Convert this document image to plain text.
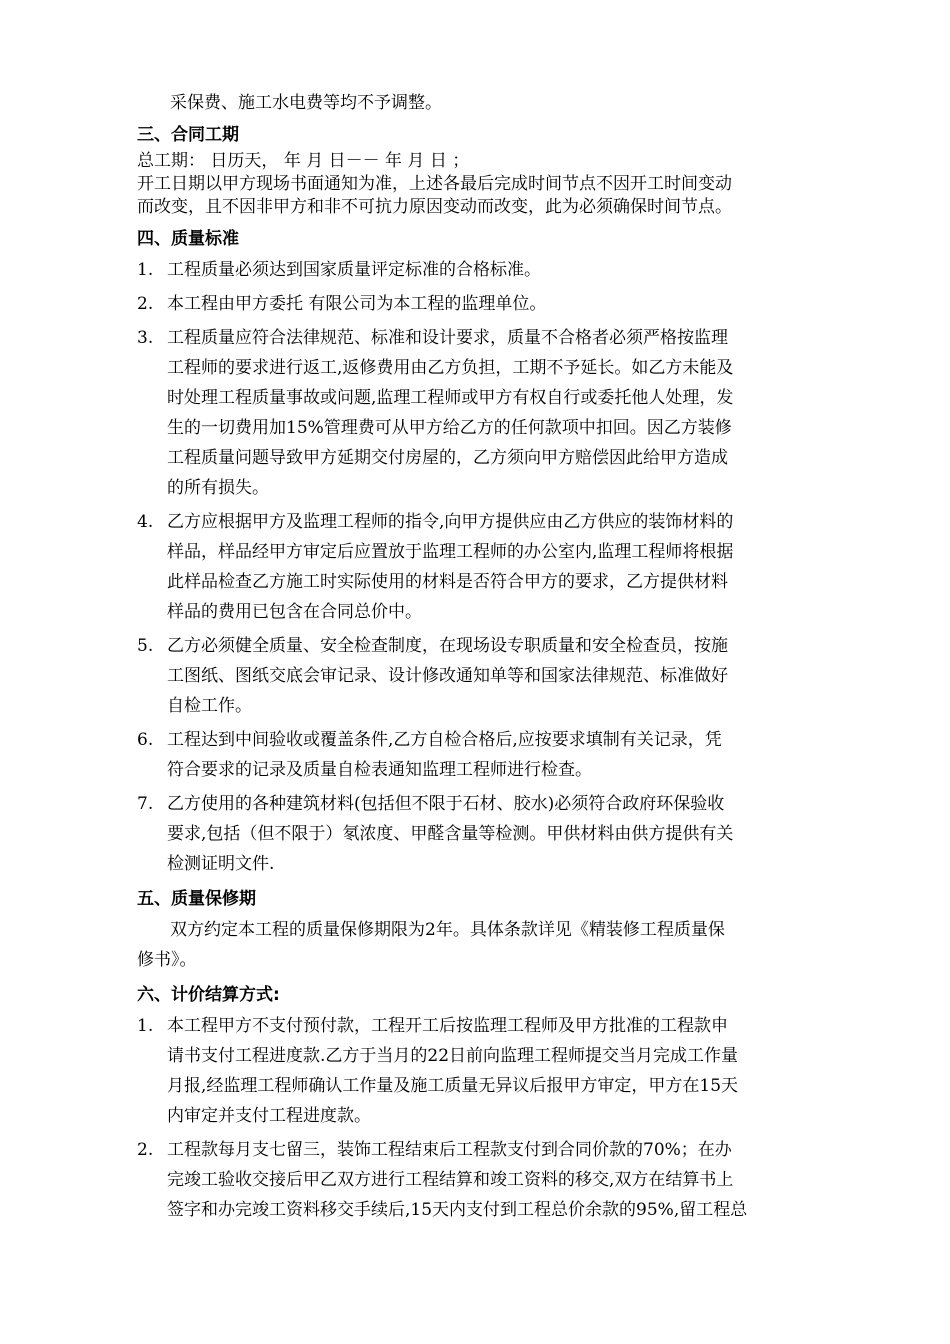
采保费、施工水电费等均不予调整。
三、合同工期
总工期： 日历天， 年 月 日－－ 年 月 日 ；
开工日期以甲方现场书面通知为准，上述各最后完成时间节点不因开工时间变动
而改变，且不因非甲方和非不可抗力原因变动而改变，此为必须确保时间节点。
四、质量标准
1. 工程质量必须达到国家质量评定标准的合格标准。
2. 本工程由甲方委托 有限公司为本工程的监理单位。
3. 工程质量应符合法律规范、标准和设计要求，质量不合格者必须严格按监理
工程师的要求进行返工,返修费用由乙方负担，工期不予延长。如乙方未能及
时处理工程质量事故或问题,监理工程师或甲方有权自行或委托他人处理，发
生的一切费用加15%管理费可从甲方给乙方的任何款项中扣回。因乙方装修
工程质量问题导致甲方延期交付房屋的，乙方须向甲方赔偿因此给甲方造成
的所有损失。
4. 乙方应根据甲方及监理工程师的指令,向甲方提供应由乙方供应的装饰材料的
样品，样品经甲方审定后应置放于监理工程师的办公室内,监理工程师将根据
此样品检查乙方施工时实际使用的材料是否符合甲方的要求，乙方提供材料
样品的费用已包含在合同总价中。
5. 乙方必须健全质量、安全检查制度，在现场设专职质量和安全检查员，按施
工图纸、图纸交底会审记录、设计修改通知单等和国家法律规范、标准做好
自检工作。
6. 工程达到中间验收或覆盖条件,乙方自检合格后,应按要求填制有关记录，凭
符合要求的记录及质量自检表通知监理工程师进行检查。
7. 乙方使用的各种建筑材料(包括但不限于石材、胶水)必须符合政府环保验收
要求,包括（但不限于）氡浓度、甲醛含量等检测。甲供材料由供方提供有关
检测证明文件.
五、质量保修期
双方约定本工程的质量保修期限为2年。具体条款详见《精装修工程质量保
修书》。
六、计价结算方式:
1. 本工程甲方不支付预付款，工程开工后按监理工程师及甲方批准的工程款申
请书支付工程进度款.乙方于当月的22日前向监理工程师提交当月完成工作量
月报,经监理工程师确认工作量及施工质量无异议后报甲方审定，甲方在15天
内审定并支付工程进度款。
2. 工程款每月支七留三，装饰工程结束后工程款支付到合同价款的70%；在办
完竣工验收交接后甲乙双方进行工程结算和竣工资料的移交,双方在结算书上
签字和办完竣工资料移交手续后,15天内支付到工程总价余款的95%,留工程总
